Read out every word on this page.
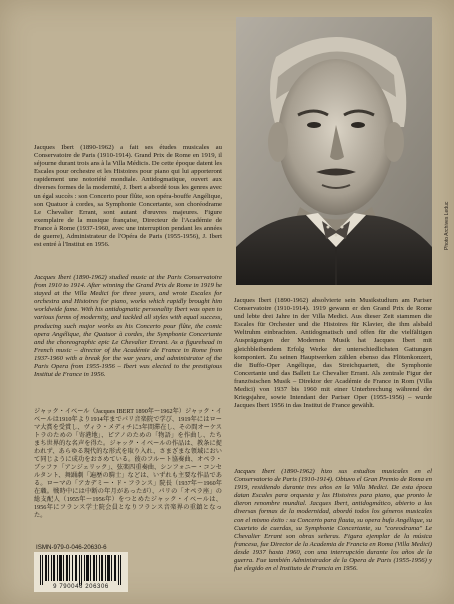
Photo Archives Leduc
Jacques Ibert (1890-1962) a fait ses études musicales au Conservatoire de Paris (1910-1914). Grand Prix de Rome en 1919, il séjourne durant trois ans à la Villa Médicis. De cette époque datent les Escales pour orchestre et les Histoires pour piano qui lui apporteront rapidement une notoriété mondiale. Antidogmatique, ouvert aux diverses formes de la modernité, J. Ibert a abordé tous les genres avec un égal succès : son Concerto pour flûte, son opéra-bouffe Angélique, son Quatuor à cordes, sa Symphonie Concertante, son choréodrame Le Chevalier Errant, sont autant d'œuvres majeures. Figure exemplaire de la musique française, Directeur de l'Académie de France à Rome (1937-1960, avec une interruption pendant les années de guerre), Administrateur de l'Opéra de Paris (1955-1956), J. Ibert est entré à l'Institut en 1956.
Jacques Ibert (1890-1962) studied music at the Paris Conservatoire from 1910 to 1914. After winning the Grand Prix de Rome in 1919 he stayed at the Villa Medici for three years, and wrote Escales for orchestra and Histoires for piano, works which rapidly brought him worldwide fame. With his antidogmatic personality Ibert was open to various forms of modernity, and tackled all styles with equal success, producing such major works as his Concerto pour flûte, the comic opera Angélique, the Quatuor à cordes, the Symphonie Concertante and the choreographic epic Le Chevalier Errant. As a figurehead in French music – director of the Académie de France in Rome from 1937-1960 with a break for the war years, and administrator of the Paris Opera from 1955-1956 – Ibert was elected to the prestigious Institut de France in 1956.
ジャック・イベール（Jacques IBERT 1890年〜1962年）ジャック・イベールは1910年より1914年までパリ音楽院で学び、1919年にはローマ大賞を受賞し、ヴィラ・メディチに3年間滞在し、その間オーケストラのための「寄港地」、ピアノのための「物語」を作曲し、たちまち世界的な名声を得た。ジャック・イベールの作品は、教条に捉われず、あらゆる現代的な形式を取り入れ、さまざまな領域において同じように成功をおさめている。彼のフルート協奏曲、オペラ・ブッファ「アンジェリック」、弦楽四重奏曲、シンフォニー・コンセルタント、舞踊劇「遍歴の騎士」などは、いずれも主要な作品である。ローマの「アカデミー・ド・フランス」院長（1937年〜1960年在職。戦時中には中断の年月があったが）、パリの「オペラ座」の総支配人（1955年〜1956年）をつとめたジャック・イベールは、1956年にフランス学士院会員となりフランス音楽界の重鎮となった。
Jacques Ibert (1890-1962) absolvierte sein Musikstudium am Pariser Conservatoire (1910-1914). 1919 gewann er den Grand Prix de Rome und lebte drei Jahre in der Villa Medici. Aus dieser Zeit stammen die Escales für Orchester und die Histoires für Klavier, die ihm alsbald Weltruhm einbrachten. Antidogmatisch und offen für die vielfältigen Ausprägungen der Modernen Musik hat Jacques Ibert mit gleichbleibendem Erfolg Werke der unterschiedlichsten Gattungen komponiert. Zu seinen Hauptwerken zählen ebenso das Flötenkonzert, die Buffo-Oper Angélique, das Streichquartett, die Symphonie Concertante und das Ballett Le Chevalier Errant. Als zentrale Figur der französischen Musik – Direktor der Académie de France in Rom (Villa Medici) von 1937 bis 1960 mit einer Unterbrechung während der Kriegsjahre, sowie Intendant der Pariser Oper (1955-1956) – wurde Jacques Ibert 1956 in das Institut de France gewählt.
Jacques Ibert (1890-1962) hizo sus estudios musicales en el Conservatorio de Paris (1910-1914). Obtuvo el Gran Premio de Roma en 1919, residiendo durante tres años en la Villa Medici. De esta época datan Escales para orquesta y las Histoires para piano, que pronto le dieron renombre mundial. Jacques Ibert, antidogmático, abierto a las diversas formas de la modernidad, abordó todos los géneros musicales con el mismo éxito : su Concerto para flauta, su opera bufa Angélique, su Cuarteto de cuerdas, su Symphonie Concertante, su "coreodrama" Le Chevalier Errant son obras señeras. Figura ejemplar de la música francesa, fue Director de la Academia de Francia en Roma (Villa Medici) desde 1937 hasta 1960, con una interrupción durante los años de la guerra. Fue también Administrador de la Opera de Paris (1955-1956) y fue elegido en el Instituto de Francia en 1956.
ISMN-979-0-046-20630-6
9 790046 206306
